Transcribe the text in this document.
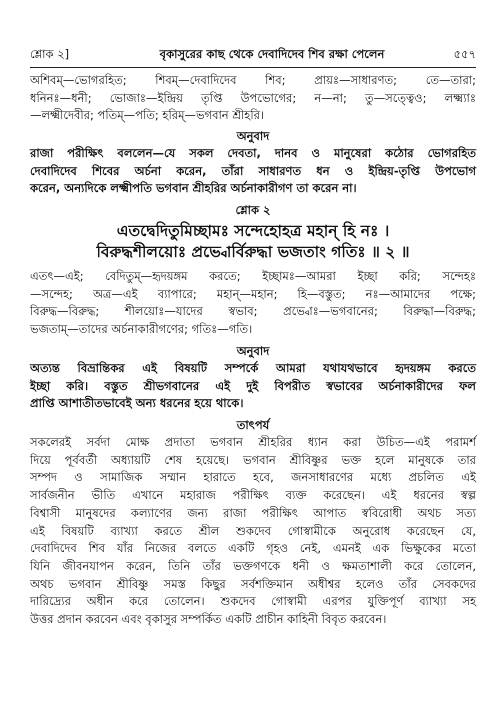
শ্লোক ২]	বৃকাসুরের কাছ থেকে দেবাদিদেব শিব রক্ষা পেলেন	৫৫৭
অশিবম্—ভোগরহিত; শিবম্—দেবাদিদেব শিব; প্রায়ঃ—সাধারণত; তে—তারা;
ধনিনঃ—ধনী; ভোজাঃ—ইন্দ্রিয় তৃপ্তি উপভোগের; ন—না; তু—সত্ত্বেও; লক্ষ্ম্যাঃ
—লক্ষ্মীদেবীর; পতিম্—পতি; হরিম্—ভগবান শ্রীহরি।
অনুবাদ
রাজা পরীক্ষিৎ বললেন—যে সকল দেবতা, দানব ও মানুষেরা কঠোর ভোগরহিত
দেবাদিদেব শিবের অর্চনা করেন, তাঁরা সাধারণত ধন ও ইন্দ্রিয়-তৃপ্তি উপভোগ
করেন, অন্যদিকে লক্ষ্মীপতি ভগবান শ্রীহরির অর্চনাকারীগণ তা করেন না।
শ্লোক ২
এতদ্বেদিতুমিচ্ছামঃ সন্দেহোহত্র মহান্ হি নঃ ।
বিরুদ্ধশীলয়োঃ প্রভ্বোর্বিরুদ্ধা ভজতাং গতিঃ ॥ ২ ॥
এতৎ—এই; বেদিতুম্—হৃদয়ঙ্গম করতে; ইচ্ছামঃ—আমরা ইচ্ছা করি; সন্দেহঃ
—সন্দেহ; অত্র—এই ব্যাপারে; মহান্—মহান; হি—বস্তুত; নঃ—আমাদের পক্ষে;
বিরুদ্ধ—বিরুদ্ধ; শীলয়োঃ—যাদের স্বভাব; প্রভ্বোঃ—ভগবানের; বিরুদ্ধা—বিরুদ্ধ;
ভজতাম্—তাদের অর্চনাকারীগণের; গতিঃ—গতি।
অনুবাদ
অত্যন্ত বিভ্রান্তিকর এই বিষয়টি সম্পর্কে আমরা যথাযথভাবে হৃদয়ঙ্গম করতে
ইচ্ছা করি। বস্তুত শ্রীভগবানের এই দুই বিপরীত স্বভাবের অর্চনাকারীদের ফল
প্রাপ্তি আশাতীতভাবেই অন্য ধরনের হয়ে থাকে।
তাৎপর্য
সকলেরই সর্বদা মোক্ষ প্রদাতা ভগবান শ্রীহরির ধ্যান করা উচিত—এই পরামর্শ
দিয়ে পূর্ববর্তী অধ্যায়টি শেষ হয়েছে। ভগবান শ্রীবিষ্ণুর ভক্ত হলে মানুষকে তার
সম্পদ ও সামাজিক সম্মান হারাতে হবে, জনসাধারণের মধ্যে প্রচলিত এই
সার্বজনীন ভীতি এখানে মহারাজ পরীক্ষিৎ ব্যক্ত করেছেন। এই ধরনের স্বল্প
বিশ্বাসী মানুষদের কল্যাণের জন্য রাজা পরীক্ষিৎ আপাত স্ববিরোধী অথচ সত্য
এই বিষয়টি ব্যাখ্যা করতে শ্রীল শুকদেব গোস্বামীকে অনুরোধ করেছেন যে,
দেবাদিদেব শিব যাঁর নিজের বলতে একটি গৃহও নেই, এমনই এক ভিক্ষুকের মতো
যিনি জীবনযাপন করেন, তিনি তাঁর ভক্তগণকে ধনী ও ক্ষমতাশালী করে তোলেন,
অথচ ভগবান শ্রীবিষ্ণু সমস্ত কিছুর সর্বশক্তিমান অধীশ্বর হলেও তাঁর সেবকদের
দারিদ্র্যের অধীন করে তোলেন। শুকদেব গোস্বামী এরপর যুক্তিপূর্ণ ব্যাখ্যা সহ
উত্তর প্রদান করবেন এবং বৃকাসুর সম্পর্কিত একটি প্রাচীন কাহিনী বিবৃত করবেন।
